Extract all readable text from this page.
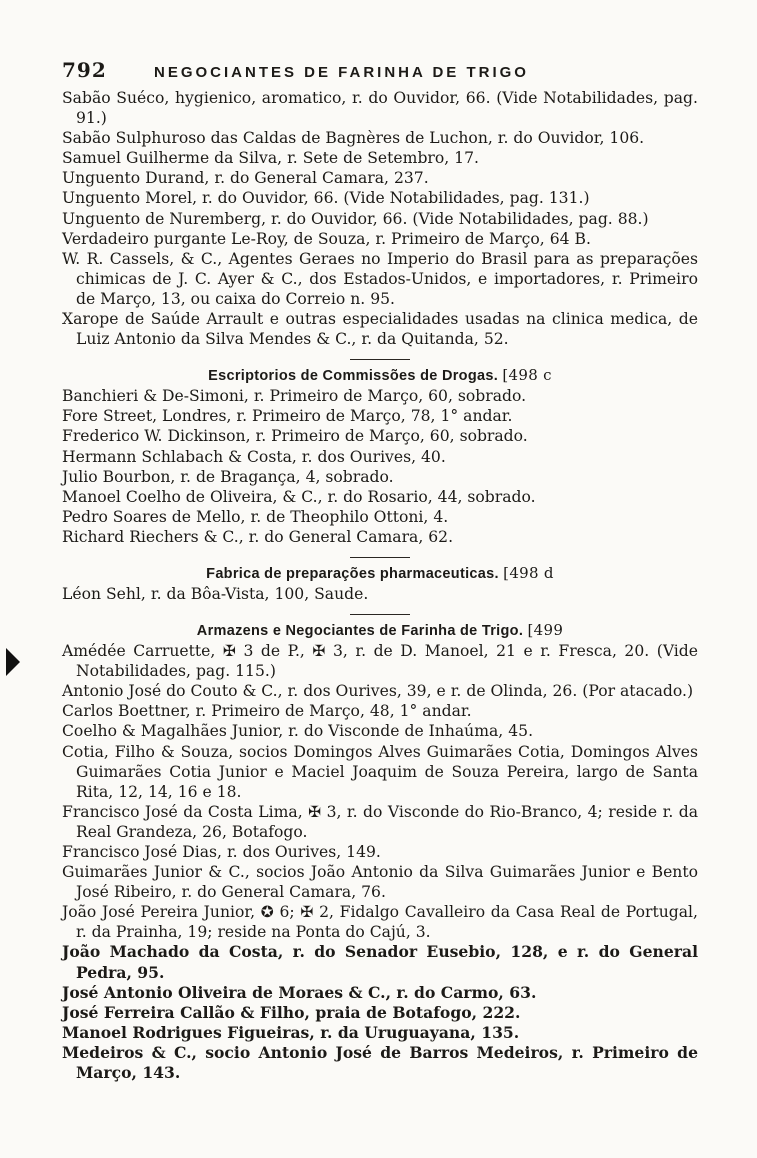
792	NEGOCIANTES DE FARINHA DE TRIGO
Sabão Suéco, hygienico, aromatico, r. do Ouvidor, 66. (Vide Notabilidades, pag. 91.)
Sabão Sulphuroso das Caldas de Bagnères de Luchon, r. do Ouvidor, 106.
Samuel Guilherme da Silva, r. Sete de Setembro, 17.
Unguento Durand, r. do General Camara, 237.
Unguento Morel, r. do Ouvidor, 66. (Vide Notabilidades, pag. 131.)
Unguento de Nuremberg, r. do Ouvidor, 66. (Vide Notabilidades, pag. 88.)
Verdadeiro purgante Le-Roy, de Souza, r. Primeiro de Março, 64 B.
W. R. Cassels, & C., Agentes Geraes no Imperio do Brasil para as preparações chimicas de J. C. Ayer & C., dos Estados-Unidos, e importadores, r. Primeiro de Março, 13, ou caixa do Correio n. 95.
Xarope de Saúde Arrault e outras especialidades usadas na clinica medica, de Luiz Antonio da Silva Mendes & C., r. da Quitanda, 52.
Escriptorios de Commissões de Drogas. [498 c
Banchieri & De-Simoni, r. Primeiro de Março, 60, sobrado.
Fore Street, Londres, r. Primeiro de Março, 78, 1° andar.
Frederico W. Dickinson, r. Primeiro de Março, 60, sobrado.
Hermann Schlabach & Costa, r. dos Ourives, 40.
Julio Bourbon, r. de Bragança, 4, sobrado.
Manoel Coelho de Oliveira, & C., r. do Rosario, 44, sobrado.
Pedro Soares de Mello, r. de Theophilo Ottoni, 4.
Richard Riechers & C., r. do General Camara, 62.
Fabrica de preparações pharmaceuticas. [498 d
Léon Sehl, r. da Bôa-Vista, 100, Saude.
Armazens e Negociantes de Farinha de Trigo. [499
Amédée Carruette, ✠ 3 de P., ✠ 3, r. de D. Manoel, 21 e r. Fresca, 20. (Vide Notabilidades, pag. 115.)
Antonio José do Couto & C., r. dos Ourives, 39, e r. de Olinda, 26. (Por atacado.)
Carlos Boettner, r. Primeiro de Março, 48, 1° andar.
Coelho & Magalhães Junior, r. do Visconde de Inhaúma, 45.
Cotia, Filho & Souza, socios Domingos Alves Guimarães Cotia, Domingos Alves Guimarães Cotia Junior e Maciel Joaquim de Souza Pereira, largo de Santa Rita, 12, 14, 16 e 18.
Francisco José da Costa Lima, ✠ 3, r. do Visconde do Rio-Branco, 4; reside r. da Real Grandeza, 26, Botafogo.
Francisco José Dias, r. dos Ourives, 149.
Guimarães Junior & C., socios João Antonio da Silva Guimarães Junior e Bento José Ribeiro, r. do General Camara, 76.
João José Pereira Junior, ✪ 6; ✠ 2, Fidalgo Cavalleiro da Casa Real de Portugal, r. da Prainha, 19; reside na Ponta do Cajú, 3.
João Machado da Costa, r. do Senador Eusebio, 128, e r. do General Pedra, 95.
José Antonio Oliveira de Moraes & C., r. do Carmo, 63.
José Ferreira Callão & Filho, praia de Botafogo, 222.
Manoel Rodrigues Figueiras, r. da Uruguayana, 135.
Medeiros & C., socio Antonio José de Barros Medeiros, r. Primeiro de Março, 143.
